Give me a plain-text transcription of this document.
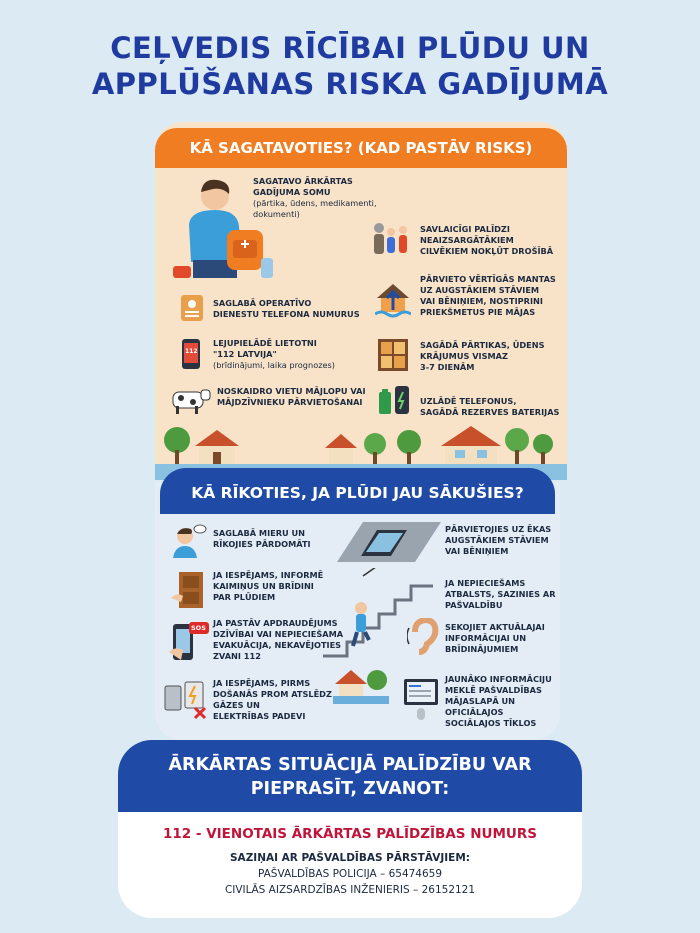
CEĻVEDIS RĪCĪBAI PLŪDU UN
APPLŪŠANAS RISKA GADĪJUMĀ
KĀ SAGATAVOTIES? (KAD PASTĀV RISKS)
SAGATAVO ĀRKĀRTAS
GADĪJUMA SOMU
(pārtika, ūdens, medikamenti,
dokumenti)
SAGLABĀ OPERATĪVO
DIENESTU TELEFONA NUMURUS
112
LEJUPIELĀDĒ LIETOTNI
"112 LATVIJA"
(brīdinājumi, laika prognozes)
NOSKAIDRO VIETU MĀJLOPU VAI
MĀJDZĪVNIEKU PĀRVIETOŠANAI
SAVLAICĪGI PALĪDZI
NEAIZSARGĀTĀKIEM
CILVĒKIEM NOKĻŪT DROŠĪBĀ
PĀRVIETO VĒRTĪGĀS MANTAS
UZ AUGSTĀKIEM STĀVIEM
VAI BĒNIŅIEM, NOSTIPRINI
PRIEKŠMETUS PIE MĀJAS
SAGĀDĀ PĀRTIKAS, ŪDENS
KRĀJUMUS VISMAZ
3-7 DIENĀM
UZLĀDĒ TELEFONUS,
SAGĀDĀ REZERVES BATERIJAS
SAGLABĀ MIERU UN
RĪKOJIES PĀRDOMĀTI
JA IESPĒJAMS, INFORMĒ
KAIMIŅUS UN BRĪDINI
PAR PLŪDIEM
SOS JA PASTĀV APDRAUDĒJUMS
DZĪVĪBAI VAI NEPIECIEŠAMA
EVAKUĀCIJA, NEKAVĒJOTIES
ZVANI 112
JA IESPĒJAMS, PIRMS
DOŠANĀS PROM ATSLĒDZ
GĀZES UN
ELEKTRĪBAS PADEVI
PĀRVIETOJIES UZ ĒKAS
AUGSTĀKIEM STĀVIEM
VAI BĒNIŅIEM
JA NEPIECIEŠAMS
ATBALSTS, SAZINIES AR
PAŠVALDĪBU
SEKOJIET AKTUĀLAJAI
INFORMĀCIJAI UN
BRĪDINĀJUMIEM
JAUNĀKO INFORMĀCIJU
MEKLĒ PAŠVALDĪBAS
MĀJASLAPĀ UN
OFICIĀLAJOS
SOCIĀLAJOS TĪKLOS
KĀ RĪKOTIES, JA PLŪDI JAU SĀKUŠIES?
ĀRKĀRTAS SITUĀCIJĀ PALĪDZĪBU VAR
PIEPRASĪT, ZVANOT:
112 - VIENOTAIS ĀRKĀRTAS PALĪDZĪBAS NUMURS
SAZIŅAI AR PAŠVALDĪBAS PĀRSTĀVJIEM:
PAŠVALDĪBAS POLICIJA – 65474659
CIVILĀS AIZSARDZĪBAS INŽENIERIS – 26152121
